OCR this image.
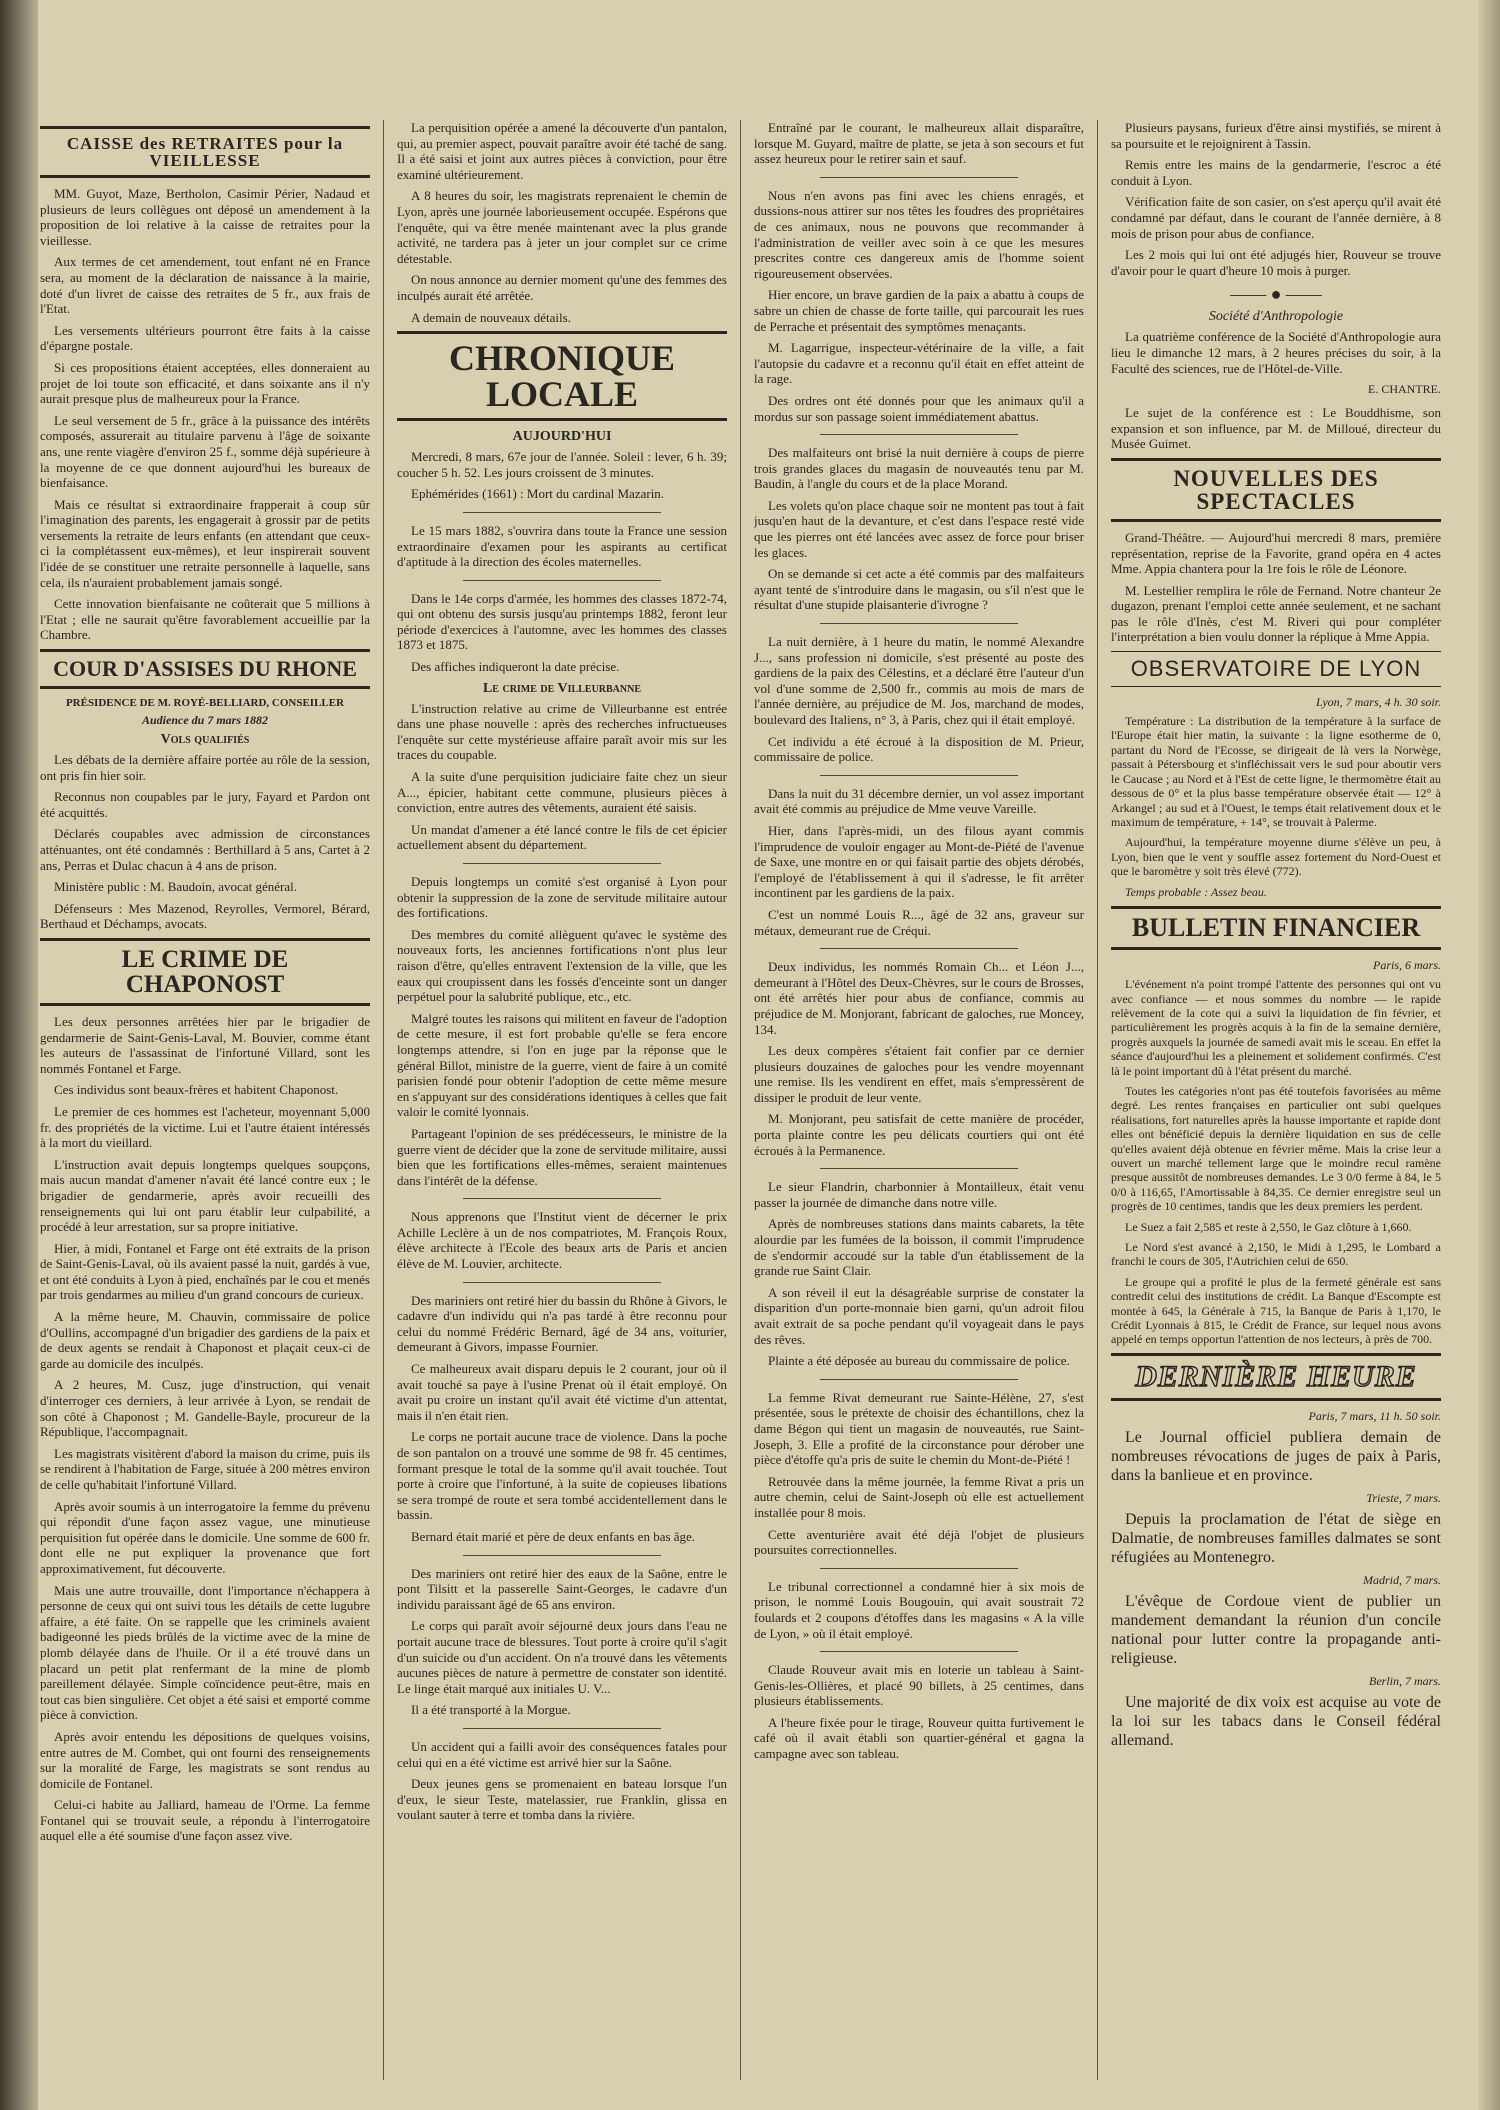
CAISSE des RETRAITES pour la VIEILLESSE

MM. Guyot, Maze, Bertholon, Casimir Périer, Nadaud et plusieurs de leurs collègues ont déposé un amendement à la proposition de loi relative à la caisse de retraites pour la vieillesse.

Aux termes de cet amendement, tout enfant né en France sera, au moment de la déclaration de naissance à la mairie, doté d'un livret de caisse des retraites de 5 fr., aux frais de l'Etat.

Les versements ultérieurs pourront être faits à la caisse d'épargne postale.

Si ces propositions étaient acceptées, elles donneraient au projet de loi toute son efficacité, et dans soixante ans il n'y aurait presque plus de malheureux pour la France.

Le seul versement de 5 fr., grâce à la puissance des intérêts composés, assurerait au titulaire parvenu à l'âge de soixante ans, une rente viagère d'environ 25 f., somme déjà supérieure à la moyenne de ce que donnent aujourd'hui les bureaux de bienfaisance.

Mais ce résultat si extraordinaire frapperait à coup sûr l'imagination des parents, les engagerait à grossir par de petits versements la retraite de leurs enfants (en attendant que ceux-ci la complétassent eux-mêmes), et leur inspirerait souvent l'idée de se constituer une retraite personnelle à laquelle, sans cela, ils n'auraient probablement jamais songé.

Cette innovation bienfaisante ne coûterait que 5 millions à l'Etat ; elle ne saurait qu'être favorablement accueillie par la Chambre.

COUR D'ASSISES DU RHONE
PRÉSIDENCE DE M. ROYÉ-BELLIARD, CONSEILLER
Audience du 7 mars 1882
Vols qualifiés

Les débats de la dernière affaire portée au rôle de la session, ont pris fin hier soir.

Reconnus non coupables par le jury, Fayard et Pardon ont été acquittés.

Déclarés coupables avec admission de circonstances atténuantes, ont été condamnés : Berthillard à 5 ans, Cartet à 2 ans, Perras et Dulac chacun à 4 ans de prison.

Ministère public : M. Baudoin, avocat général.

Défenseurs : Mes Mazenod, Reyrolles, Vermorel, Bérard, Berthaud et Déchamps, avocats.

LE CRIME DE CHAPONOST

Les deux personnes arrêtées hier par le brigadier de gendarmerie de Saint-Genis-Laval, M. Bouvier, comme étant les auteurs de l'assassinat de l'infortuné Villard, sont les nommés Fontanel et Farge.

Ces individus sont beaux-frères et habitent Chaponost.

Le premier de ces hommes est l'acheteur, moyennant 5,000 fr. des propriétés de la victime. Lui et l'autre étaient intéressés à la mort du vieillard.

L'instruction avait depuis longtemps quelques soupçons, mais aucun mandat d'amener n'avait été lancé contre eux ; le brigadier de gendarmerie, après avoir recueilli des renseignements qui lui ont paru établir leur culpabilité, a procédé à leur arrestation, sur sa propre initiative.

Hier, à midi, Fontanel et Farge ont été extraits de la prison de Saint-Genis-Laval, où ils avaient passé la nuit, gardés à vue, et ont été conduits à Lyon à pied, enchaînés par le cou et menés par trois gendarmes au milieu d'un grand concours de curieux.

A la même heure, M. Chauvin, commissaire de police d'Oullins, accompagné d'un brigadier des gardiens de la paix et de deux agents se rendait à Chaponost et plaçait ceux-ci de garde au domicile des inculpés.

A 2 heures, M. Cusz, juge d'instruction, qui venait d'interroger ces derniers, à leur arrivée à Lyon, se rendait de son côté à Chaponost ; M. Gandelle-Bayle, procureur de la République, l'accompagnait.

Les magistrats visitèrent d'abord la maison du crime, puis ils se rendirent à l'habitation de Farge, située à 200 mètres environ de celle qu'habitait l'infortuné Villard.

Après avoir soumis à un interrogatoire la femme du prévenu qui répondit d'une façon assez vague, une minutieuse perquisition fut opérée dans le domicile. Une somme de 600 fr. dont elle ne put expliquer la provenance que fort approximativement, fut découverte.

Mais une autre trouvaille, dont l'importance n'échappera à personne de ceux qui ont suivi tous les détails de cette lugubre affaire, a été faite. On se rappelle que les criminels avaient badigeonné les pieds brûlés de la victime avec de la mine de plomb délayée dans de l'huile. Or il a été trouvé dans un placard un petit plat renfermant de la mine de plomb pareillement délayée. Simple coïncidence peut-être, mais en tout cas bien singulière. Cet objet a été saisi et emporté comme pièce à conviction.

Après avoir entendu les dépositions de quelques voisins, entre autres de M. Combet, qui ont fourni des renseignements sur la moralité de Farge, les magistrats se sont rendus au domicile de Fontanel.

Celui-ci habite au Jalliard, hameau de l'Orme. La femme Fontanel qui se trouvait seule, a répondu à l'interrogatoire auquel elle a été soumise d'une façon assez vive.

La perquisition opérée a amené la découverte d'un pantalon, qui, au premier aspect, pouvait paraître avoir été taché de sang. Il a été saisi et joint aux autres pièces à conviction, pour être examiné ultérieurement.

A 8 heures du soir, les magistrats reprenaient le chemin de Lyon, après une journée laborieusement occupée. Espérons que l'enquête, qui va être menée maintenant avec la plus grande activité, ne tardera pas à jeter un jour complet sur ce crime détestable.

On nous annonce au dernier moment qu'une des femmes des inculpés aurait été arrêtée.

A demain de nouveaux détails.

CHRONIQUE LOCALE
AUJOURD'HUI

Mercredi, 8 mars, 67e jour de l'année. Soleil : lever, 6 h. 39; coucher 5 h. 52. Les jours croissent de 3 minutes.

Ephémérides (1661) : Mort du cardinal Mazarin.

Le 15 mars 1882, s'ouvrira dans toute la France une session extraordinaire d'examen pour les aspirants au certificat d'aptitude à la direction des écoles maternelles.

Dans le 14e corps d'armée, les hommes des classes 1872-74, qui ont obtenu des sursis jusqu'au printemps 1882, feront leur période d'exercices à l'automne, avec les hommes des classes 1873 et 1875.

Des affiches indiqueront la date précise.

Le crime de Villeurbanne

L'instruction relative au crime de Villeurbanne est entrée dans une phase nouvelle : après des recherches infructueuses l'enquête sur cette mystérieuse affaire paraît avoir mis sur les traces du coupable.

A la suite d'une perquisition judiciaire faite chez un sieur A..., épicier, habitant cette commune, plusieurs pièces à conviction, entre autres des vêtements, auraient été saisis.

Un mandat d'amener a été lancé contre le fils de cet épicier actuellement absent du département.

Depuis longtemps un comité s'est organisé à Lyon pour obtenir la suppression de la zone de servitude militaire autour des fortifications.

Des membres du comité allèguent qu'avec le système des nouveaux forts, les anciennes fortifications n'ont plus leur raison d'être, qu'elles entravent l'extension de la ville, que les eaux qui croupissent dans les fossés d'enceinte sont un danger perpétuel pour la salubrité publique, etc., etc.

Malgré toutes les raisons qui militent en faveur de l'adoption de cette mesure, il est fort probable qu'elle se fera encore longtemps attendre, si l'on en juge par la réponse que le général Billot, ministre de la guerre, vient de faire à un comité parisien fondé pour obtenir l'adoption de cette même mesure en s'appuyant sur des considérations identiques à celles que fait valoir le comité lyonnais.

Partageant l'opinion de ses prédécesseurs, le ministre de la guerre vient de décider que la zone de servitude militaire, aussi bien que les fortifications elles-mêmes, seraient maintenues dans l'intérêt de la défense.

Nous apprenons que l'Institut vient de décerner le prix Achille Leclère à un de nos compatriotes, M. François Roux, élève architecte à l'Ecole des beaux arts de Paris et ancien élève de M. Louvier, architecte.

Des mariniers ont retiré hier du bassin du Rhône à Givors, le cadavre d'un individu qui n'a pas tardé à être reconnu pour celui du nommé Frédéric Bernard, âgé de 34 ans, voiturier, demeurant à Givors, impasse Fournier.

Ce malheureux avait disparu depuis le 2 courant, jour où il avait touché sa paye à l'usine Prenat où il était employé. On avait pu croire un instant qu'il avait été victime d'un attentat, mais il n'en était rien.

Le corps ne portait aucune trace de violence. Dans la poche de son pantalon on a trouvé une somme de 98 fr. 45 centimes, formant presque le total de la somme qu'il avait touchée. Tout porte à croire que l'infortuné, à la suite de copieuses libations se sera trompé de route et sera tombé accidentellement dans le bassin.

Bernard était marié et père de deux enfants en bas âge.

Des mariniers ont retiré hier des eaux de la Saône, entre le pont Tilsitt et la passerelle Saint-Georges, le cadavre d'un individu paraissant âgé de 65 ans environ.

Le corps qui paraît avoir séjourné deux jours dans l'eau ne portait aucune trace de blessures. Tout porte à croire qu'il s'agit d'un suicide ou d'un accident. On n'a trouvé dans les vêtements aucunes pièces de nature à permettre de constater son identité. Le linge était marqué aux initiales U. V...

Il a été transporté à la Morgue.

Un accident qui a failli avoir des conséquences fatales pour celui qui en a été victime est arrivé hier sur la Saône.

Deux jeunes gens se promenaient en bateau lorsque l'un d'eux, le sieur Teste, matelassier, rue Franklin, glissa en voulant sauter à terre et tomba dans la rivière.

Entraîné par le courant, le malheureux allait disparaître, lorsque M. Guyard, maître de platte, se jeta à son secours et fut assez heureux pour le retirer sain et sauf.

Nous n'en avons pas fini avec les chiens enragés, et dussions-nous attirer sur nos têtes les foudres des propriétaires de ces animaux, nous ne pouvons que recommander à l'administration de veiller avec soin à ce que les mesures prescrites contre ces dangereux amis de l'homme soient rigoureusement observées.

Hier encore, un brave gardien de la paix a abattu à coups de sabre un chien de chasse de forte taille, qui parcourait les rues de Perrache et présentait des symptômes menaçants.

M. Lagarrigue, inspecteur-vétérinaire de la ville, a fait l'autopsie du cadavre et a reconnu qu'il était en effet atteint de la rage.

Des ordres ont été donnés pour que les animaux qu'il a mordus sur son passage soient immédiatement abattus.

Des malfaiteurs ont brisé la nuit dernière à coups de pierre trois grandes glaces du magasin de nouveautés tenu par M. Baudin, à l'angle du cours et de la place Morand.

Les volets qu'on place chaque soir ne montent pas tout à fait jusqu'en haut de la devanture, et c'est dans l'espace resté vide que les pierres ont été lancées avec assez de force pour briser les glaces.

On se demande si cet acte a été commis par des malfaiteurs ayant tenté de s'introduire dans le magasin, ou s'il n'est que le résultat d'une stupide plaisanterie d'ivrogne ?

La nuit dernière, à 1 heure du matin, le nommé Alexandre J..., sans profession ni domicile, s'est présenté au poste des gardiens de la paix des Célestins, et a déclaré être l'auteur d'un vol d'une somme de 2,500 fr., commis au mois de mars de l'année dernière, au préjudice de M. Jos, marchand de modes, boulevard des Italiens, n° 3, à Paris, chez qui il était employé.

Cet individu a été écroué à la disposition de M. Prieur, commissaire de police.

Dans la nuit du 31 décembre dernier, un vol assez important avait été commis au préjudice de Mme veuve Vareille.

Hier, dans l'après-midi, un des filous ayant commis l'imprudence de vouloir engager au Mont-de-Piété de l'avenue de Saxe, une montre en or qui faisait partie des objets dérobés, l'employé de l'établissement à qui il s'adresse, le fit arrêter incontinent par les gardiens de la paix.

C'est un nommé Louis R..., âgé de 32 ans, graveur sur métaux, demeurant rue de Créqui.

Deux individus, les nommés Romain Ch... et Léon J..., demeurant à l'Hôtel des Deux-Chèvres, sur le cours de Brosses, ont été arrêtés hier pour abus de confiance, commis au préjudice de M. Monjorant, fabricant de galoches, rue Moncey, 134.

Les deux compères s'étaient fait confier par ce dernier plusieurs douzaines de galoches pour les vendre moyennant une remise. Ils les vendirent en effet, mais s'empressèrent de dissiper le produit de leur vente.

M. Monjorant, peu satisfait de cette manière de procéder, porta plainte contre les peu délicats courtiers qui ont été écroués à la Permanence.

Le sieur Flandrin, charbonnier à Montailleux, était venu passer la journée de dimanche dans notre ville.

Après de nombreuses stations dans maints cabarets, la tête alourdie par les fumées de la boisson, il commit l'imprudence de s'endormir accoudé sur la table d'un établissement de la grande rue Saint Clair.

A son réveil il eut la désagréable surprise de constater la disparition d'un porte-monnaie bien garni, qu'un adroit filou avait extrait de sa poche pendant qu'il voyageait dans le pays des rêves.

Plainte a été déposée au bureau du commissaire de police.

La femme Rivat demeurant rue Sainte-Hélène, 27, s'est présentée, sous le prétexte de choisir des échantillons, chez la dame Bégon qui tient un magasin de nouveautés, rue Saint-Joseph, 3. Elle a profité de la circonstance pour dérober une pièce d'étoffe qu'a pris de suite le chemin du Mont-de-Piété !

Retrouvée dans la même journée, la femme Rivat a pris un autre chemin, celui de Saint-Joseph où elle est actuellement installée pour 8 mois.

Cette aventurière avait été déjà l'objet de plusieurs poursuites correctionnelles.

Le tribunal correctionnel a condamné hier à six mois de prison, le nommé Louis Bougouin, qui avait soustrait 72 foulards et 2 coupons d'étoffes dans les magasins « A la ville de Lyon, » où il était employé.

Claude Rouveur avait mis en loterie un tableau à Saint-Genis-les-Ollières, et placé 90 billets, à 25 centimes, dans plusieurs établissements.

A l'heure fixée pour le tirage, Rouveur quitta furtivement le café où il avait établi son quartier-général et gagna la campagne avec son tableau.

Plusieurs paysans, furieux d'être ainsi mystifiés, se mirent à sa poursuite et le rejoignirent à Tassin.

Remis entre les mains de la gendarmerie, l'escroc a été conduit à Lyon.

Vérification faite de son casier, on s'est aperçu qu'il avait été condamné par défaut, dans le courant de l'année dernière, à 8 mois de prison pour abus de confiance.

Les 2 mois qui lui ont été adjugés hier, Rouveur se trouve d'avoir pour le quart d'heure 10 mois à purger.

―― ● ――
Société d'Anthropologie

La quatrième conférence de la Société d'Anthropologie aura lieu le dimanche 12 mars, à 2 heures précises du soir, à la Faculté des sciences, rue de l'Hôtel-de-Ville.

E. CHANTRE.

Le sujet de la conférence est : Le Bouddhisme, son expansion et son influence, par M. de Milloué, directeur du Musée Guimet.

NOUVELLES DES SPECTACLES

Grand-Théâtre. — Aujourd'hui mercredi 8 mars, première représentation, reprise de la Favorite, grand opéra en 4 actes Mme. Appia chantera pour la 1re fois le rôle de Léonore.

M. Lestellier remplira le rôle de Fernand. Notre chanteur 2e dugazon, prenant l'emploi cette année seulement, et ne sachant pas le rôle d'Inès, c'est M. Riveri qui pour compléter l'interprétation a bien voulu donner la réplique à Mme Appia.

OBSERVATOIRE DE LYON
Lyon, 7 mars, 4 h. 30 soir.

Température : La distribution de la température à la surface de l'Europe était hier matin, la suivante : la ligne esotherme de 0, partant du Nord de l'Ecosse, se dirigeait de là vers la Norwège, passait à Pétersbourg et s'infléchissait vers le sud pour aboutir vers le Caucase ; au Nord et à l'Est de cette ligne, le thermomètre était au dessous de 0° et la plus basse température observée était — 12° à Arkangel ; au sud et à l'Ouest, le temps était relativement doux et le maximum de température, + 14°, se trouvait à Palerme.

Aujourd'hui, la température moyenne diurne s'élève un peu, à Lyon, bien que le vent y souffle assez fortement du Nord-Ouest et que le baromètre y soit très élevé (772).

Temps probable : Assez beau.

BULLETIN FINANCIER
Paris, 6 mars.

L'événement n'a point trompé l'attente des personnes qui ont vu avec confiance — et nous sommes du nombre — le rapide relèvement de la cote qui a suivi la liquidation de fin février, et particulièrement les progrès acquis à la fin de la semaine dernière, progrès auxquels la journée de samedi avait mis le sceau. En effet la séance d'aujourd'hui les a pleinement et solidement confirmés. C'est là le point important dû à l'état présent du marché.

Toutes les catégories n'ont pas été toutefois favorisées au même degré. Les rentes françaises en particulier ont subi quelques réalisations, fort naturelles après la hausse importante et rapide dont elles ont bénéficié depuis la dernière liquidation en sus de celle qu'elles avaient déjà obtenue en février même. Mais la crise leur a ouvert un marché tellement large que le moindre recul ramène presque aussitôt de nombreuses demandes. Le 3 0/0 ferme à 84, le 5 0/0 à 116,65, l'Amortissable à 84,35. Ce dernier enregistre seul un progrès de 10 centimes, tandis que les deux premiers les perdent.

Le Suez a fait 2,585 et reste à 2,550, le Gaz clôture à 1,660.

Le Nord s'est avancé à 2,150, le Midi à 1,295, le Lombard a franchi le cours de 305, l'Autrichien celui de 650.

Le groupe qui a profité le plus de la fermeté générale est sans contredit celui des institutions de crédit. La Banque d'Escompte est montée à 645, la Générale à 715, la Banque de Paris à 1,170, le Crédit Lyonnais à 815, le Crédit de France, sur lequel nous avons appelé en temps opportun l'attention de nos lecteurs, à près de 700.

DERNIÈRE HEURE
Paris, 7 mars, 11 h. 50 soir.

Le Journal officiel publiera demain de nombreuses révocations de juges de paix à Paris, dans la banlieue et en province.

Trieste, 7 mars.

Depuis la proclamation de l'état de siège en Dalmatie, de nombreuses familles dalmates se sont réfugiées au Montenegro.

Madrid, 7 mars.

L'évêque de Cordoue vient de publier un mandement demandant la réunion d'un concile national pour lutter contre la propagande anti-religieuse.

Berlin, 7 mars.

Une majorité de dix voix est acquise au vote de la loi sur les tabacs dans le Conseil fédéral allemand.
